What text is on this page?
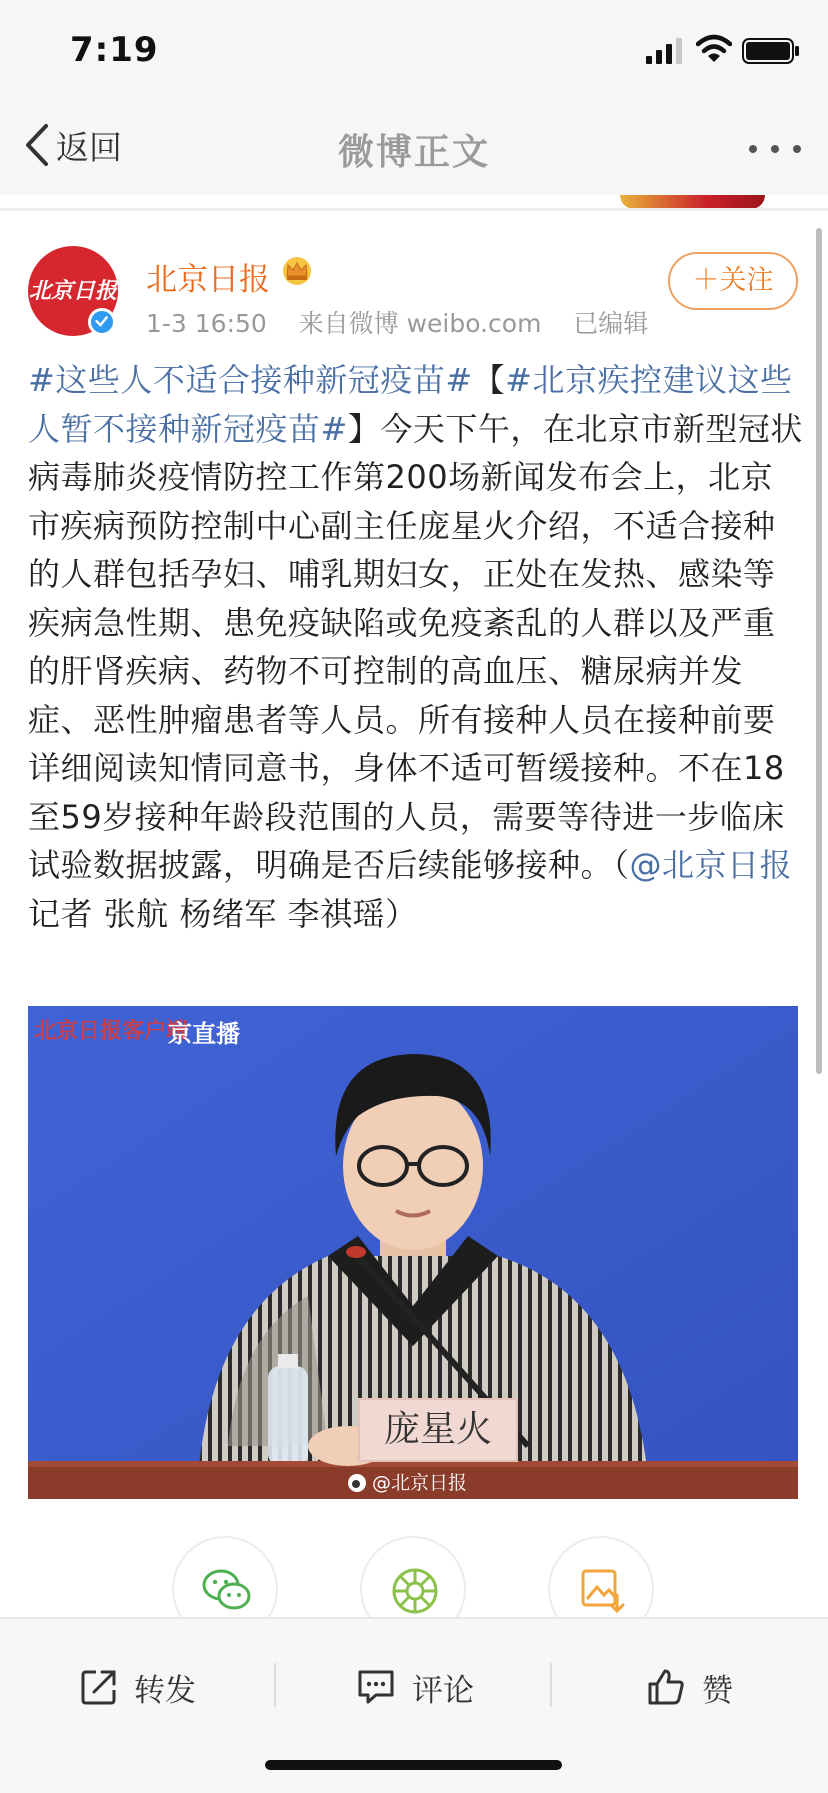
7:19
返回	微博正文
北京日报 北京日报
1-3 16:50 来自微博 weibo.com 已编辑
＋关注
#这些人不适合接种新冠疫苗#【#北京疾控建议这些人暂不接种新冠疫苗#】今天下午，在北京市新型冠状病毒肺炎疫情防控工作第200场新闻发布会上，北京市疾病预防控制中心副主任庞星火介绍，不适合接种的人群包括孕妇、哺乳期妇女，正处在发热、感染等疾病急性期、患免疫缺陷或免疫紊乱的人群以及严重的肝肾疾病、药物不可控制的高血压、糖尿病并发症、恶性肿瘤患者等人员。所有接种人员在接种前要详细阅读知情同意书，身体不适可暂缓接种。不在18至59岁接种年龄段范围的人员，需要等待进一步临床试验数据披露，明确是否后续能够接种。（@北京日报 记者 张航 杨绪军 李祺瑶）
北京日报客户端
京直播
庞星火
@北京日报
转发	评论	赞
